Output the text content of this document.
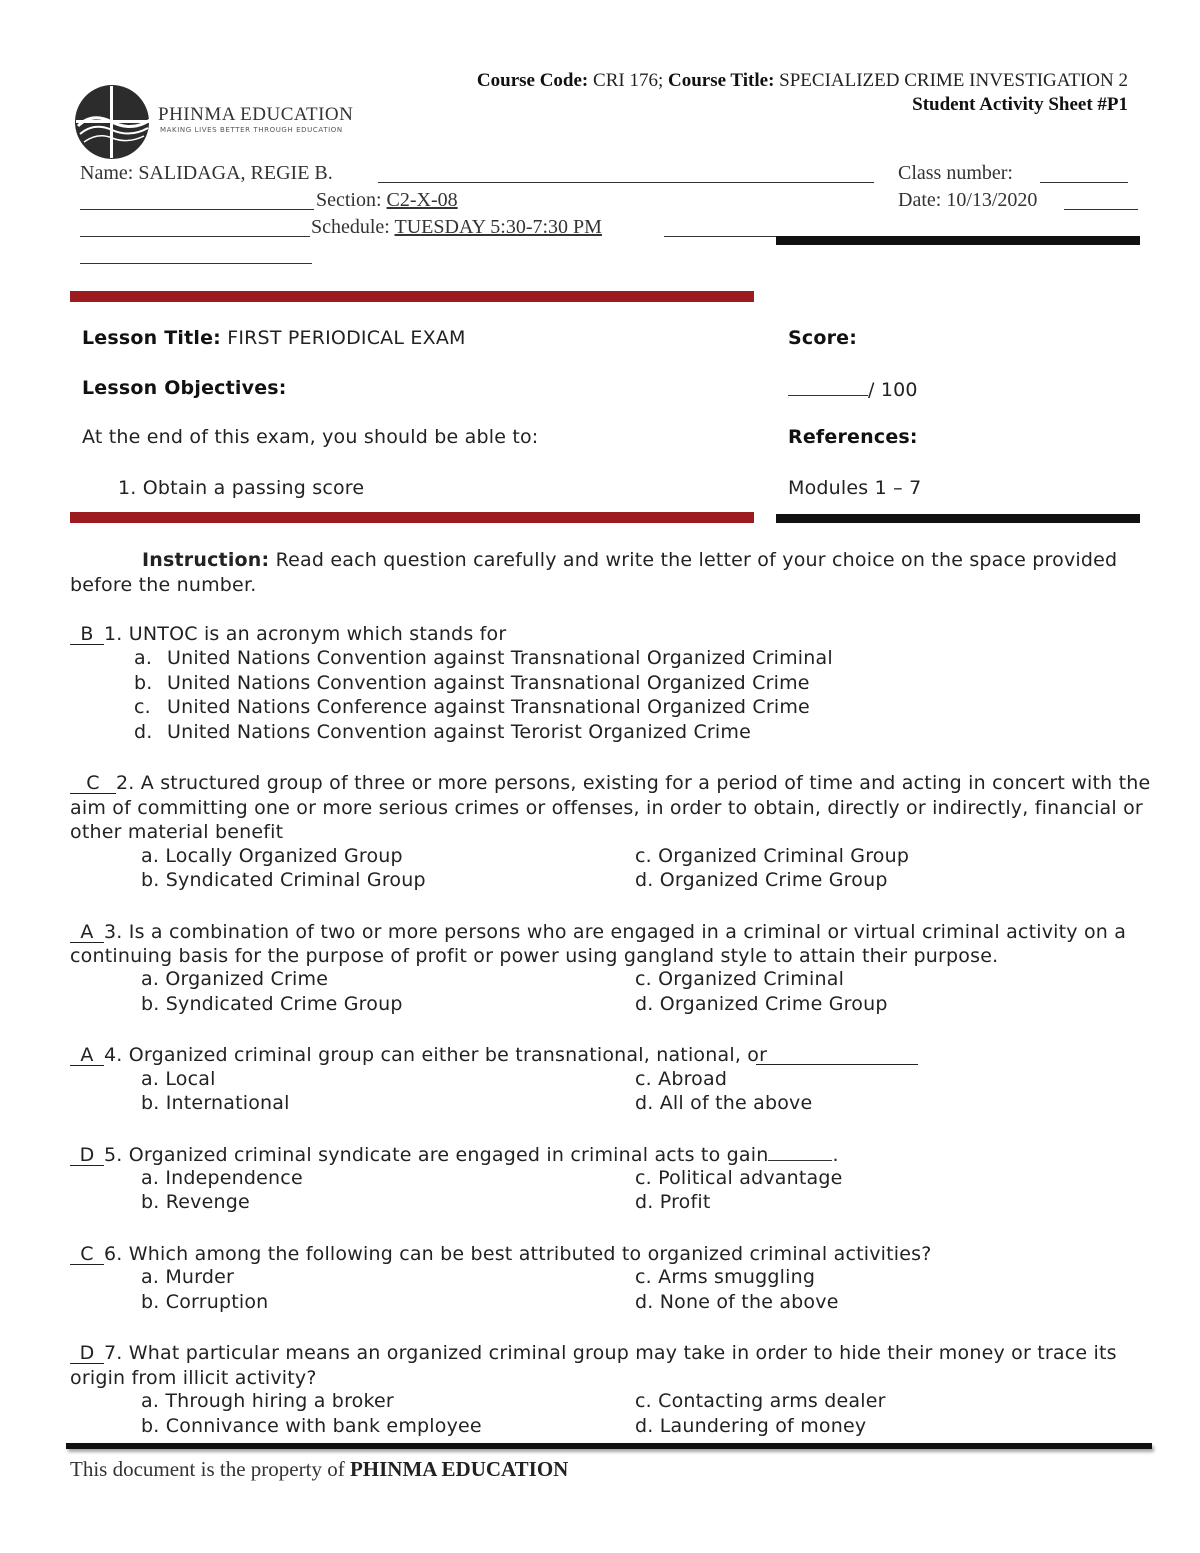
Course Code: CRI 176; Course Title: SPECIALIZED CRIME INVESTIGATION 2
Student Activity Sheet #P1
PHINMA EDUCATION
MAKING LIVES BETTER THROUGH EDUCATION
Name: SALIDAGA, REGIE B.
Section: C2-X-08
Schedule: TUESDAY 5:30-7:30 PM
Class number:
Date: 10/13/2020
Lesson Title: FIRST PERIODICAL EXAM
Lesson Objectives:
At the end of this exam, you should be able to:
1. Obtain a passing score
Score:
/ 100
References:
Modules 1 – 7
Instruction: Read each question carefully and write the letter of your choice on the space provided
before the number.
B 1. UNTOC is an acronym which stands for
a. United Nations Convention against Transnational Organized Criminal
b. United Nations Convention against Transnational Organized Crime
c. United Nations Conference against Transnational Organized Crime
d. United Nations Convention against Terorist Organized Crime
C 2. A structured group of three or more persons, existing for a period of time and acting in concert with the
aim of committing one or more serious crimes or offenses, in order to obtain, directly or indirectly, financial or
other material benefit
a. Locally Organized Group
b. Syndicated Criminal Group
c. Organized Criminal Group
d. Organized Crime Group
A 3. Is a combination of two or more persons who are engaged in a criminal or virtual criminal activity on a
continuing basis for the purpose of profit or power using gangland style to attain their purpose.
a. Organized Crime
b. Syndicated Crime Group
c. Organized Criminal
d. Organized Crime Group
A 4. Organized criminal group can either be transnational, national, or
a. Local
b. International
c. Abroad
d. All of the above
D 5. Organized criminal syndicate are engaged in criminal acts to gain	.
a. Independence
b. Revenge
c. Political advantage
d. Profit
C 6. Which among the following can be best attributed to organized criminal activities?
a. Murder
b. Corruption
c. Arms smuggling
d. None of the above
D 7. What particular means an organized criminal group may take in order to hide their money or trace its
origin from illicit activity?
a. Through hiring a broker
b. Connivance with bank employee
c. Contacting arms dealer
d. Laundering of money
This document is the property of PHINMA EDUCATION
